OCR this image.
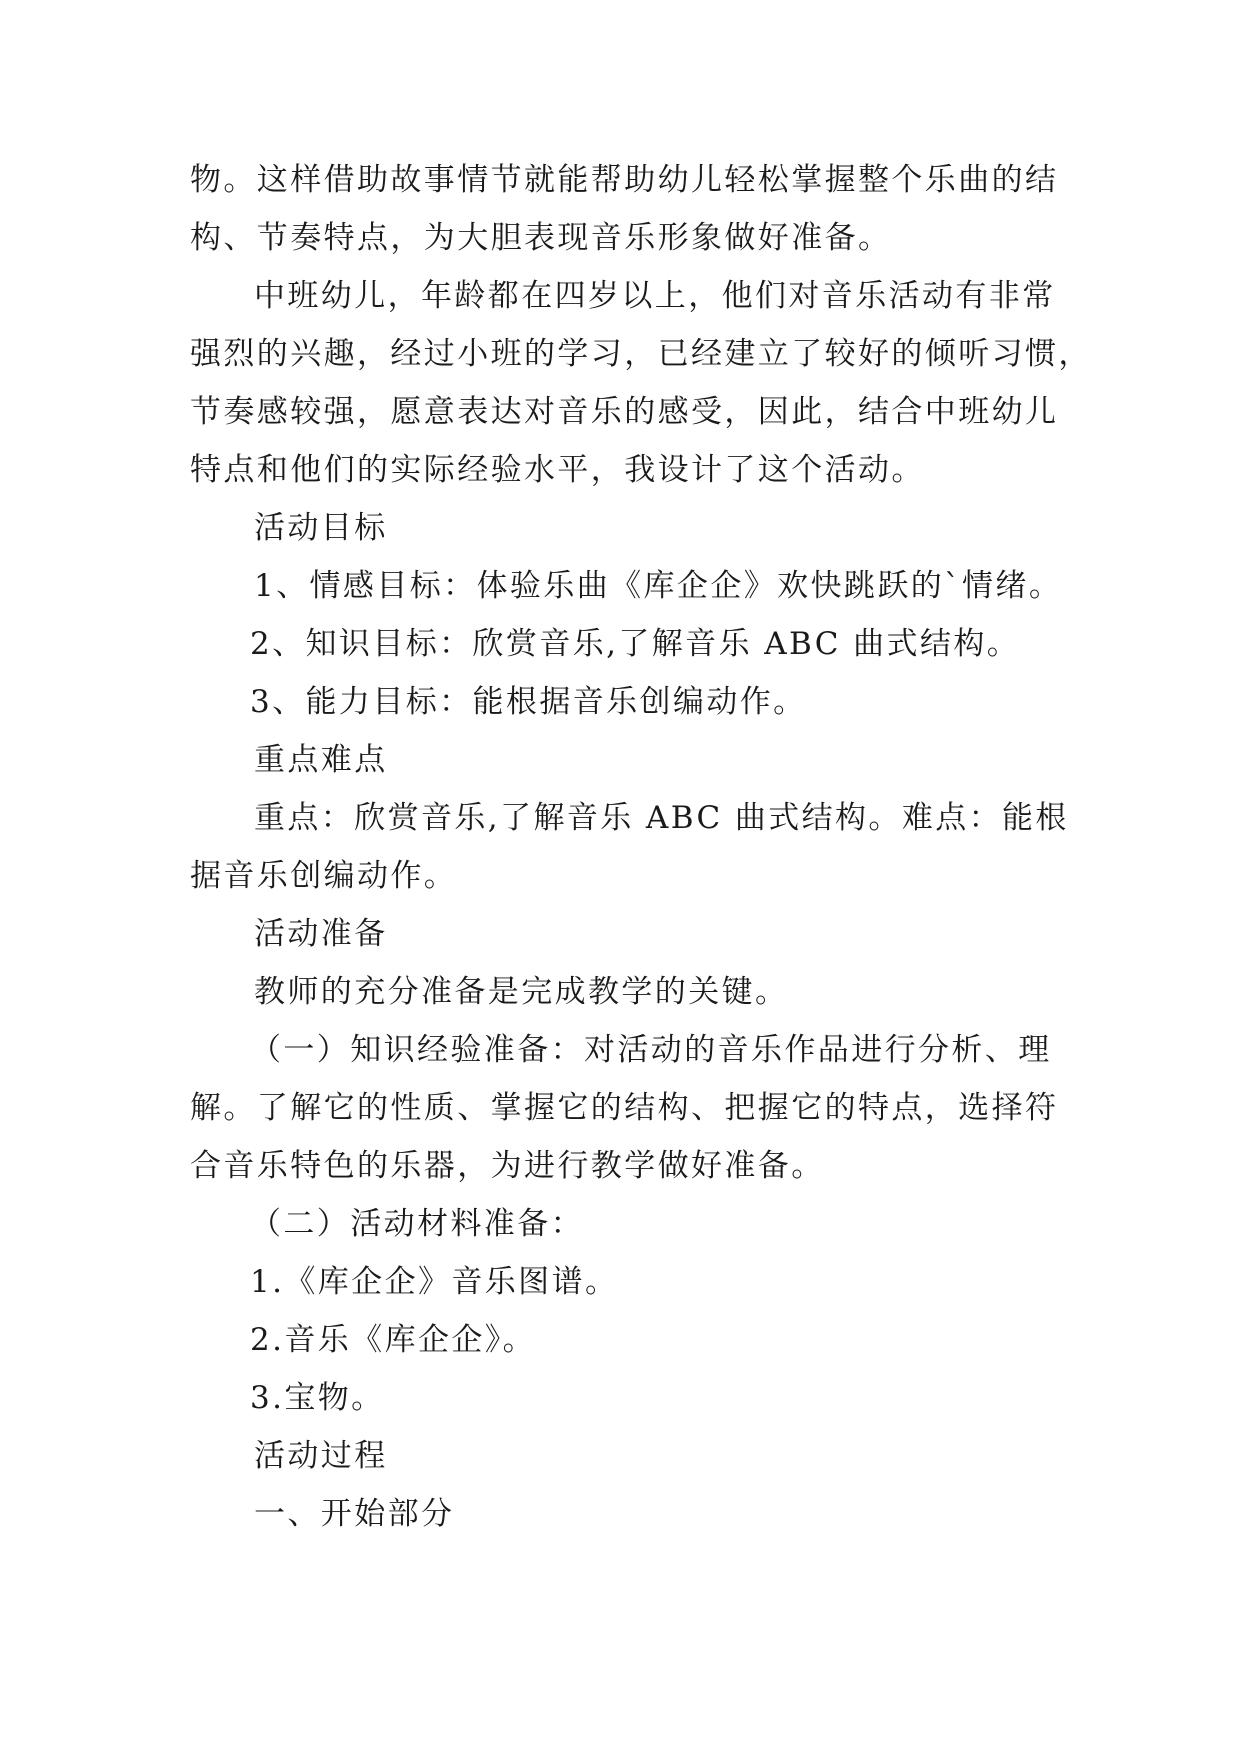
物。这样借助故事情节就能帮助幼儿轻松掌握整个乐曲的结
构、节奏特点，为大胆表现音乐形象做好准备。
中班幼儿，年龄都在四岁以上，他们对音乐活动有非常
强烈的兴趣，经过小班的学习，已经建立了较好的倾听习惯，
节奏感较强，愿意表达对音乐的感受，因此，结合中班幼儿
特点和他们的实际经验水平，我设计了这个活动。
活动目标
1、情感目标：体验乐曲《库企企》欢快跳跃的`情绪。
2、知识目标：欣赏音乐,了解音乐 ABC 曲式结构。
3、能力目标：能根据音乐创编动作。
重点难点
重点：欣赏音乐,了解音乐 ABC 曲式结构。难点：能根
据音乐创编动作。
活动准备
教师的充分准备是完成教学的关键。
（一）知识经验准备：对活动的音乐作品进行分析、理
解。了解它的性质、掌握它的结构、把握它的特点，选择符
合音乐特色的乐器，为进行教学做好准备。
（二）活动材料准备：
1.《库企企》音乐图谱。
2.音乐《库企企》。
3.宝物。
活动过程
一、开始部分
